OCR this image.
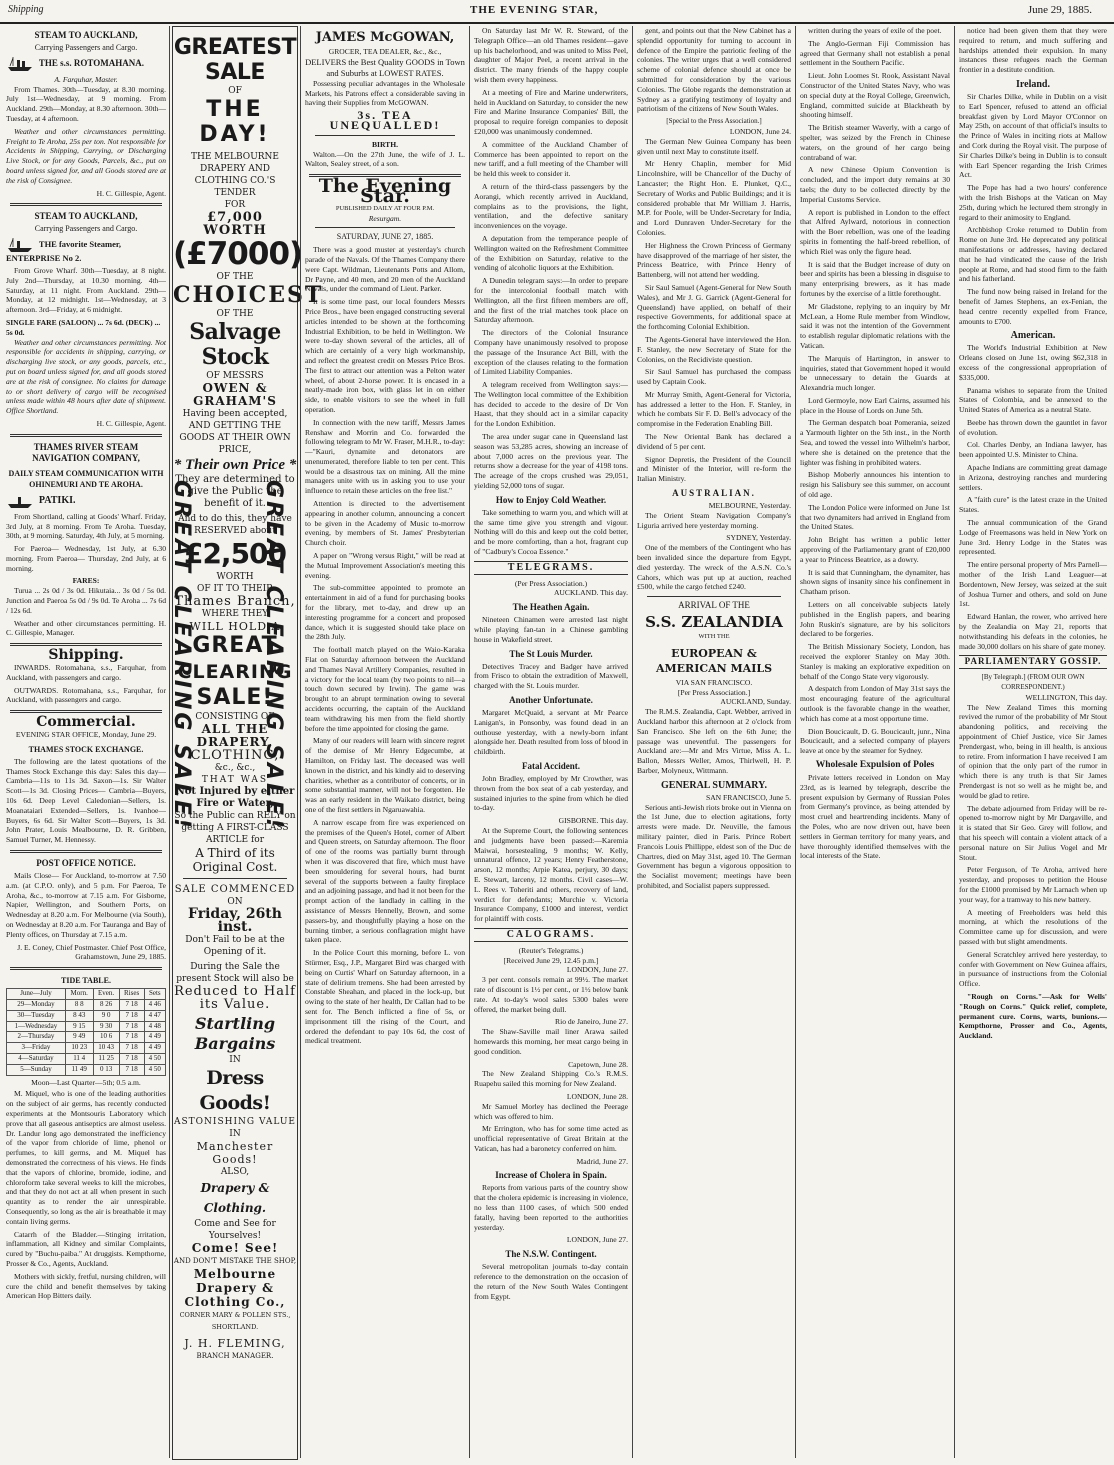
Shipping	THE EVENING STAR,	June 29, 1885.
STEAM TO AUCKLAND,
Carrying Passengers and Cargo.
THE s.s. ROTOMAHANA.
A. Farquhar, Master.

From Thames. 30th—Tuesday, at 8.30 morning. July 1st—Wednesday, at 9 morning. From Auckland. 29th—Monday, at 8.30 afternoon. 30th—Tuesday, at 4 afternoon.

Weather and other circumstances permitting. Freight to Te Aroha, 25s per ton. Not responsible for Accidents in Shipping, Carrying, or Discharging Live Stock, or for any Goods, Parcels, &c., put on board unless signed for, and all Goods stored are at the risk of Consignee.

H. C. Gillespie, Agent.
STEAM TO AUCKLAND,
Carrying Passengers and Cargo.
THE favorite Steamer, ENTERPRISE No 2.

From Grove Wharf. 30th—Tuesday, at 8 night. July 2nd—Thursday, at 10.30 morning. 4th—Saturday, at 11 night. From Auckland. 29th—Monday, at 12 midnight. 1st—Wednesday, at 3 afternoon. 3rd—Friday, at 6 midnight.

SINGLE FARE (SALOON) ... 7s 6d. (DECK) ... 5s 0d.

Weather and other circumstances permitting. Not responsible for accidents in shipping, carrying, or discharging live stock, or any goods, parcels, etc., put on board unless signed for, and all goods stored are at the risk of consignee. No claims for damage to or short delivery of cargo will be recognised unless made within 48 hours after date of shipment. Office Shortland.

H. C. Gillespie, Agent.
THAMES RIVER STEAM NAVIGATION COMPANY,
DAILY STEAM COMMUNICATION WITH OHINEMURI AND TE AROHA.
PATIKI.

From Shortland, calling at Goods' Wharf. Friday, 3rd July, at 8 morning. From Te Aroha. Tuesday, 30th, at 9 morning. Saturday, 4th July, at 5 morning.

For Paeroa— Wednesday, 1st July, at 6.30 morning. From Paeroa— Thursday, 2nd July, at 6 morning.

FARES:

Turua ... 2s 0d / 3s 0d. Hikutaia... 3s 0d / 5s 0d. Junction and Paeroa 5s 0d / 9s 0d. Te Aroha ... 7s 6d / 12s 6d.

Weather and other circumstances permitting. H. C. Gillespie, Manager.

Shipping.

INWARDS. Rotomahana, s.s., Farquhar, from Auckland, with passengers and cargo.

OUTWARDS. Rotomahana, s.s., Farquhar, for Auckland, with passengers and cargo.

Commercial.
EVENING STAR OFFICE, Monday, June 29.
THAMES STOCK EXCHANGE.

The following are the latest quotations of the Thames Stock Exchange this day: Sales this day— Cambria—11s to 11s 3d. Saxon—1s. Sir Walter Scott—1s 3d. Closing Prices— Cambria—Buyers, 10s 6d. Deep Level Caledonian—Sellers, 1s. Moanataiari Extended—Sellers, 1s. Ivanhoe—Buyers, 6s 6d. Sir Walter Scott—Buyers, 1s 3d. John Prater, Louis Mealbourne, D. R. Gribben, Samuel Turner, M. Hennessy.

POST OFFICE NOTICE.

Mails Close— For Auckland, to-morrow at 7.50 a.m. (at C.P.O. only), and 5 p.m. For Paeroa, Te Aroha, &c., to-morrow at 7.15 a.m. For Gisborne, Napier, Wellington, and Southern Ports, on Wednesday at 8.20 a.m. For Melbourne (via South), on Wednesday at 8.20 a.m. For Tauranga and Bay of Plenty offices, on Thursday at 7.15 a.m.

J. E. Coney, Chief Postmaster. Chief Post Office, Grahamstown, June 29, 1885.
TIDE TABLE.
June—July	Morn.	Even.	Rises	Sets
29—Monday	8 8	8 26	7 18	4 46
30—Tuesday	8 43	9 0	7 18	4 47
1—Wednesday	9 15	9 30	7 18	4 48
2—Thursday	9 49	10 6	7 18	4 49
3—Friday	10 23	10 43	7 18	4 49
4—Saturday	11 4	11 25	7 18	4 50
5—Sunday	11 49	0 13	7 18	4 50
Moon—Last Quarter—5th; 0.5 a.m.

M. Miquel, who is one of the leading authorities on the subject of air germs, has recently conducted experiments at the Montsouris Laboratory which prove that all gaseous antiseptics are almost useless. Dr. Landur long ago demonstrated the inefficiency of the vapor from chloride of lime, phenol or perfumes, to kill germs, and M. Miquel has demonstrated the correctness of his views. He finds that the vapors of chlorine, bromide, iodine, and chloroform take several weeks to kill the microbes, and that they do not act at all when present in such quantity as to render the air unrespirable. Consequently, so long as the air is breathable it may contain living germs.

Catarrh of the Bladder.—Stinging irritation, inflammation, all Kidney and similar Complaints, cured by "Buchu-paiba." At druggists. Kempthorne, Prosser & Co., Agents, Auckland.

Mothers with sickly, fretful, nursing children, will cure the child and benefit themselves by taking American Hop Bitters daily.

GREAT CLEARING SALE!	GREAT CLEARING SALE!
GREATEST SALE
OF
THE DAY!
THE MELBOURNE DRAPERY AND CLOTHING CO.'S TENDER
FOR
£7,000 WORTH
(£7000)
OF THE
CHOICEST
OF THE
Salvage Stock
OF MESSRS
OWEN & GRAHAM'S
Having been accepted, AND GETTING THE GOODS AT THEIR OWN PRICE,
* Their own Price *
They are determined to give the Public the benefit of it.
And to do this, they have RESERVED about
£2,500
WORTH
OF IT TO THEIR
Thames Branch,
WHERE THEY
WILL HOLD A
GREAT
CLEARING
SALE!
CONSISTING OF
ALL THE DRAPERY,
CLOTHING,
&c., &c.,
THAT WAS
Not Injured by either Fire or Water,
So the Public can RELY on getting A FIRST-CLASS ARTICLE for
A Third of its Original Cost.
SALE COMMENCED
ON
Friday, 26th inst.
Don't Fail to be at the Opening of it.
During the Sale the present Stock will also be
Reduced to Half its Value.
Startling
Bargains
IN
Dress Goods!
ASTONISHING VALUE
IN
Manchester Goods!
ALSO,
Drapery & Clothing.
Come and See for Yourselves!
Come! See!
AND DON'T MISTAKE THE SHOP,
Melbourne Drapery & Clothing Co.,
CORNER MARY & POLLEN STS., SHORTLAND.
J. H. FLEMING,
BRANCH MANAGER.
JAMES McGOWAN,
GROCER, TEA DEALER, &c., &c.,
DELIVERS the Best Quality GOODS in Town and Suburbs at LOWEST RATES.

Possessing peculiar advantages in the Wholesale Markets, his Patrons effect a considerable saving in having their Supplies from McGOWAN.

3s. TEA UNEQUALLED!
BIRTH.

Walton.—On the 27th June, the wife of J. L. Walton, Sealey street, of a son.

The Evening Star.
PUBLISHED DAILY AT FOUR P.M.
Resurgam.
SATURDAY, JUNE 27, 1885.

There was a good muster at yesterday's church parade of the Navals. Of the Thames Company there were Capt. Wildman, Lieutenants Potts and Allom, Dr Payne, and 40 men, and 20 men of the Auckland Navals, under the command of Lieut. Parker.

It is some time past, our local founders Messrs Price Bros., have been engaged constructing several articles intended to be shown at the forthcoming Industrial Exhibition, to be held in Wellington. We were to-day shown several of the articles, all of which are certainly of a very high workmanship, and reflect the greatest credit on Messrs Price Bros. The first to attract our attention was a Pelton water wheel, of about 2-horse power. It is encased in a neatly-made iron box, with glass let in on either side, to enable visitors to see the wheel in full operation.

In connection with the new tariff, Messrs James Renshaw and Morrin and Co. forwarded the following telegram to Mr W. Fraser, M.H.R., to-day:—"Kauri, dynamite and detonators are unenumerated, therefore liable to ten per cent. This would be a disastrous tax on mining. All the mine managers unite with us in asking you to use your influence to retain these articles on the free list."

Attention is directed to the advertisement appearing in another column, announcing a concert to be given in the Academy of Music to-morrow evening, by members of St. James' Presbyterian Church choir.

A paper on "Wrong versus Right," will be read at the Mutual Improvement Association's meeting this evening.

The sub-committee appointed to promote an entertainment in aid of a fund for purchasing books for the library, met to-day, and drew up an interesting programme for a concert and proposed dance, which it is suggested should take place on the 28th July.

The football match played on the Waio-Karaka Flat on Saturday afternoon between the Auckland and Thames Naval Artillery Companies, resulted in a victory for the local team (by two points to nil—a touch down secured by Irwin). The game was brought to an abrupt termination owing to several accidents occurring, the captain of the Auckland team withdrawing his men from the field shortly before the time appointed for closing the game.

Many of our readers will learn with sincere regret of the demise of Mr Henry Edgecumbe, at Hamilton, on Friday last. The deceased was well known in the district, and his kindly aid to deserving charities, whether as a contributor of concerts, or in some substantial manner, will not be forgotten. He was an early resident in the Waikato district, being one of the first settlers in Ngaruawahia.

A narrow escape from fire was experienced on the premises of the Queen's Hotel, corner of Albert and Queen streets, on Saturday afternoon. The floor of one of the rooms was partially burnt through when it was discovered that fire, which must have been smouldering for several hours, had burnt several of the supports between a faulty fireplace and an adjoining passage, and had it not been for the prompt action of the landlady in calling in the assistance of Messrs Hennelly, Brown, and some passers-by, and thoughtfully playing a hose on the burning timber, a serious conflagration might have taken place.

In the Police Court this morning, before L. von Stürmer, Esq., J.P., Margaret Bird was charged with being on Curtis' Wharf on Saturday afternoon, in a state of delirium tremens. She had been arrested by Constable Sheahan, and placed in the lock-up, but owing to the state of her health, Dr Callan had to be sent for. The Bench inflicted a fine of 5s, or imprisonment till the rising of the Court, and ordered the defendant to pay 10s 6d, the cost of medical treatment.

On Saturday last Mr W. R. Steward, of the Telegraph Office—an old Thames resident—gave up his bachelorhood, and was united to Miss Peel, daughter of Major Peel, a recent arrival in the district. The many friends of the happy couple wish them every happiness.

At a meeting of Fire and Marine underwriters, held in Auckland on Saturday, to consider the new Fire and Marine Insurance Companies' Bill, the proposal to require foreign companies to deposit £20,000 was unanimously condemned.

A committee of the Auckland Chamber of Commerce has been appointed to report on the new tariff, and a full meeting of the Chamber will be held this week to consider it.

A return of the third-class passengers by the Aorangi, which recently arrived in Auckland, complains as to the provisions, the light, ventilation, and the defective sanitary inconveniences on the voyage.

A deputation from the temperance people of Wellington waited on the Refreshment Committee of the Exhibition on Saturday, relative to the vending of alcoholic liquors at the Exhibition.

A Dunedin telegram says:—In order to prepare for the intercolonial football match with Wellington, all the first fifteen members are off, and the first of the trial matches took place on Saturday afternoon.

The directors of the Colonial Insurance Company have unanimously resolved to propose the passage of the Insurance Act Bill, with the exception of the clauses relating to the formation of Limited Liability Companies.

A telegram received from Wellington says:—The Wellington local committee of the Exhibition has decided to accede to the desire of Dr Von Haast, that they should act in a similar capacity for the London Exhibition.

The area under sugar cane in Queensland last season was 53,285 acres, showing an increase of about 7,000 acres on the previous year. The returns show a decrease for the year of 4198 tons. The acreage of the crops crushed was 29,051, yielding 52,000 tons of sugar.

How to Enjoy Cold Weather.

Take something to warm you, and which will at the same time give you strength and vigour. Nothing will do this and keep out the cold better, and be more comforting, than a hot, fragrant cup of "Cadbury's Cocoa Essence."

TELEGRAMS.
(Per Press Association.)
AUCKLAND. This day.
The Heathen Again.

Nineteen Chinamen were arrested last night while playing fan-tan in a Chinese gambling house in Wakefield street.

The St Louis Murder.

Detectives Tracey and Badger have arrived from Frisco to obtain the extradition of Maxwell, charged with the St. Louis murder.

Another Unfortunate.

Margaret McQuaid, a servant at Mr Pearce Lanigan's, in Ponsonby, was found dead in an outhouse yesterday, with a newly-born infant alongside her. Death resulted from loss of blood in childbirth.

Fatal Accident.

John Bradley, employed by Mr Crowther, was thrown from the box seat of a cab yesterday, and sustained injuries to the spine from which he died to-day.

GISBORNE. This day.

At the Supreme Court, the following sentences and judgments have been passed:—Karemia Maiwai, horsestealing, 9 months; W. Kelly, unnatural offence, 12 years; Henry Featherstone, arson, 12 months; Arpie Katea, perjury, 30 days; E. Stewart, larceny, 12 months. Civil cases—W. L. Rees v. Toheriti and others, recovery of land, verdict for defendants; Murchie v. Victoria Insurance Company, £1000 and interest, verdict for plaintiff with costs.

CALOGRAMS.
(Reuter's Telegrams.)
[Received June 29, 12.45 p.m.]
LONDON, June 27.

3 per cent. consols remain at 99½. The market rate of discount is 1½ per cent., or 1½ below bank rate. At to-day's wool sales 5300 bales were offered, the market being dull.

Rio de Janeiro, June 27.

The Shaw-Saville mail liner Arawa sailed homewards this morning, her meat cargo being in good condition.

Capetown, June 28.

The New Zealand Shipping Co.'s R.M.S. Ruapehu sailed this morning for New Zealand.

LONDON, June 28.

Mr Samuel Morley has declined the Peerage which was offered to him.

Mr Errington, who has for some time acted as unofficial representative of Great Britain at the Vatican, has had a baronetcy conferred on him.

Madrid, June 27.
Increase of Cholera in Spain.

Reports from various parts of the country show that the cholera epidemic is increasing in violence, no less than 1100 cases, of which 500 ended fatally, having been reported to the authorities yesterday.

LONDON, June 27.
The N.S.W. Contingent.

Several metropolitan journals to-day contain reference to the demonstration on the occasion of the return of the New South Wales Contingent from Egypt.

gent, and points out that the New Cabinet has a splendid opportunity for turning to account in defence of the Empire the patriotic feeling of the colonies. The writer urges that a well considered scheme of colonial defence should at once be submitted for consideration by the various Colonies. The Globe regards the demonstration at Sydney as a gratifying testimony of loyalty and patriotism of the citizens of New South Wales.

[Special to the Press Association.]
LONDON, June 24.

The German New Guinea Company has been given until next May to constitute itself.

Mr Henry Chaplin, member for Mid Lincolnshire, will be Chancellor of the Duchy of Lancaster; the Right Hon. E. Plunket, Q.C., Secretary of Works and Public Buildings; and it is considered probable that Mr William J. Harris, M.P. for Poole, will be Under-Secretary for India, and Lord Dunraven Under-Secretary for the Colonies.

Her Highness the Crown Princess of Germany have disapproved of the marriage of her sister, the Princess Beatrice, with Prince Henry of Battenberg, will not attend her wedding.

Sir Saul Samuel (Agent-General for New South Wales), and Mr J. G. Garrick (Agent-General for Queensland) have applied, on behalf of their respective Governments, for additional space at the forthcoming Colonial Exhibition.

The Agents-General have interviewed the Hon. F. Stanley, the new Secretary of State for the Colonies, on the Recidiviste question.

Sir Saul Samuel has purchased the compass used by Captain Cook.

Mr Murray Smith, Agent-General for Victoria, has addressed a letter to the Hon. F. Stanley, in which he combats Sir F. D. Bell's advocacy of the compromise in the Federation Enabling Bill.

The New Oriental Bank has declared a dividend of 5 per cent.

Signor Depretis, the President of the Council and Minister of the Interior, will re-form the Italian Ministry.

AUSTRALIAN.
MELBOURNE, Yesterday.

The Orient Steam Navigation Company's Liguria arrived here yesterday morning.

SYDNEY, Yesterday.

One of the members of the Contingent who has been invalided since the departure from Egypt, died yesterday. The wreck of the A.S.N. Co.'s Cahors, which was put up at auction, reached £500, while the cargo fetched £240.

ARRIVAL OF THE
S.S. ZEALANDIA
WITH THE
EUROPEAN & AMERICAN MAILS
VIA SAN FRANCISCO.
[Per Press Association.]
AUCKLAND, Sunday.

The R.M.S. Zealandia, Capt. Webber, arrived in Auckland harbor this afternoon at 2 o'clock from San Francisco. She left on the 6th June; the passage was uneventful. The passengers for Auckland are:—Mr and Mrs Virtue, Miss A. L. Ballon, Messrs Weller, Amos, Thirlwell, H. P. Barber, Molyneux, Wittmann.

GENERAL SUMMARY.
SAN FRANCISCO, June 5.

Serious anti-Jewish riots broke out in Vienna on the 1st June, due to election agitations, forty arrests were made. Dr. Neuville, the famous military painter, died in Paris. Prince Robert Francois Louis Phillippe, eldest son of the Duc de Chartres, died on May 31st, aged 10. The German Government has begun a vigorous opposition to the Socialist movement; meetings have been prohibited, and Socialist papers suppressed.

written during the years of exile of the poet.

The Anglo-German Fiji Commission has agreed that Germany shall not establish a penal settlement in the Southern Pacific.

Lieut. John Loomes St. Rook, Assistant Naval Constructor of the United States Navy, who was on special duty at the Royal College, Greenwich, England, committed suicide at Blackheath by shooting himself.

The British steamer Waverly, with a cargo of spelter, was seized by the French in Chinese waters, on the ground of her cargo being contraband of war.

A new Chinese Opium Convention is concluded, and the import duty remains at 30 taels; the duty to be collected directly by the Imperial Customs Service.

A report is published in London to the effect that Alfred Aylward, notorious in connection with the Boer rebellion, was one of the leading spirits in fomenting the half-breed rebellion, of which Riel was only the figure head.

It is said that the Budget increase of duty on beer and spirits has been a blessing in disguise to many enterprising brewers, as it has made fortunes by the exercise of a little forethought.

Mr Gladstone, replying to an inquiry by Mr McLean, a Home Rule member from Windlow, said it was not the intention of the Government to establish regular diplomatic relations with the Vatican.

The Marquis of Hartington, in answer to inquiries, stated that Government hoped it would be unnecessary to detain the Guards at Alexandria much longer.

Lord Germoyle, now Earl Cairns, assumed his place in the House of Lords on June 5th.

The German despatch boat Pomerania, seized a Yarmouth lighter on the 5th inst., in the North Sea, and towed the vessel into Wilhelm's harbor, where she is detained on the pretence that the lighter was fishing in prohibited waters.

Bishop Moberly announces his intention to resign his Salisbury see this summer, on account of old age.

The London Police were informed on June 1st that two dynamiters had arrived in England from the United States.

John Bright has written a public letter approving of the Parliamentary grant of £20,000 a year to Princess Beatrice, as a dowry.

It is said that Cunningham, the dynamiter, has shown signs of insanity since his confinement in Chatham prison.

Letters on all conceivable subjects lately published in the English papers, and bearing John Ruskin's signature, are by his solicitors declared to be forgeries.

The British Missionary Society, London, has received the explorer Stanley on May 30th. Stanley is making an explorative expedition on behalf of the Congo State very vigorously.

A despatch from London of May 31st says the most encouraging feature of the agricultural outlook is the favorable change in the weather, which has come at a most opportune time.

Dion Boucicault, D. G. Boucicault, junr., Nina Boucicault, and a selected company of players leave at once by the steamer for Sydney.

Wholesale Expulsion of Poles

Private letters received in London on May 23rd, as is learned by telegraph, describe the present expulsion by Germany of Russian Poles from Germany's province, as being attended by most cruel and heartrending incidents. Many of the Poles, who are now driven out, have been settlers in German territory for many years, and have thoroughly identified themselves with the local interests of the State.

notice had been given them that they were required to return, and much suffering and hardships attended their expulsion. In many instances these refugees reach the German frontier in a destitute condition.

Ireland.

Sir Charles Dilke, while in Dublin on a visit to Earl Spencer, refused to attend an official breakfast given by Lord Mayor O'Connor on May 25th, on account of that official's insults to the Prince of Wales in inciting riots at Mallow and Cork during the Royal visit. The purpose of Sir Charles Dilke's being in Dublin is to consult with Earl Spencer regarding the Irish Crimes Act.

The Pope has had a two hours' conference with the Irish Bishops at the Vatican on May 25th, during which he lectured them strongly in regard to their animosity to England.

Archbishop Croke returned to Dublin from Rome on June 3rd. He deprecated any political manifestations or addresses, having declared that he had vindicated the cause of the Irish people at Rome, and had stood firm to the faith and his fatherland.

The fund now being raised in Ireland for the benefit of James Stephens, an ex-Fenian, the head centre recently expelled from France, amounts to £700.

American.

The World's Industrial Exhibition at New Orleans closed on June 1st, owing $62,318 in excess of the congressional appropriation of $335,000.

Panama wishes to separate from the United States of Colombia, and be annexed to the United States of America as a neutral State.

Beebe has thrown down the gauntlet in favor of evolution.

Col. Charles Denby, an Indiana lawyer, has been appointed U.S. Minister to China.

Apache Indians are committing great damage in Arizona, destroying ranches and murdering settlers.

A "faith cure" is the latest craze in the United States.

The annual communication of the Grand Lodge of Freemasons was held in New York on June 3rd. Henry Lodge in the States was represented.

The entire personal property of Mrs Parnell—mother of the Irish Land Leaguer—at Bordentown, New Jersey, was seized at the suit of Joshua Turner and others, and sold on June 1st.

Edward Hanlan, the rower, who arrived here by the Zealandia on May 21, reports that notwithstanding his defeats in the colonies, he made 30,000 dollars on his share of gate money.

PARLIAMENTARY GOSSIP.
[By Telegraph.] (FROM OUR OWN CORRESPONDENT.)
WELLINGTON, This day.

The New Zealand Times this morning revived the rumor of the probability of Mr Stout abandoning politics, and receiving the appointment of Chief Justice, vice Sir James Prendergast, who, being in ill health, is anxious to retire. From information I have received I am of opinion that the only part of the rumor in which there is any truth is that Sir James Prendergast is not so well as he might be, and would be glad to retire.

The debate adjourned from Friday will be re-opened to-morrow night by Mr Dargaville, and it is stated that Sir Geo. Grey will follow, and that his speech will contain a violent attack of a personal nature on Sir Julius Vogel and Mr Stout.

Peter Ferguson, of Te Aroha, arrived here yesterday, and proposes to petition the House for the £1000 promised by Mr Larnach when up your way, for a tramway to his new battery.

A meeting of Freeholders was held this morning, at which the resolutions of the Committee came up for discussion, and were passed with but slight amendments.

General Scratchley arrived here yesterday, to confer with Government on New Guinea affairs, in pursuance of instructions from the Colonial Office.

"Rough on Corns."—Ask for Wells' "Rough on Corns." Quick relief, complete, permanent cure. Corns, warts, bunions.—Kempthorne, Prosser and Co., Agents, Auckland.
